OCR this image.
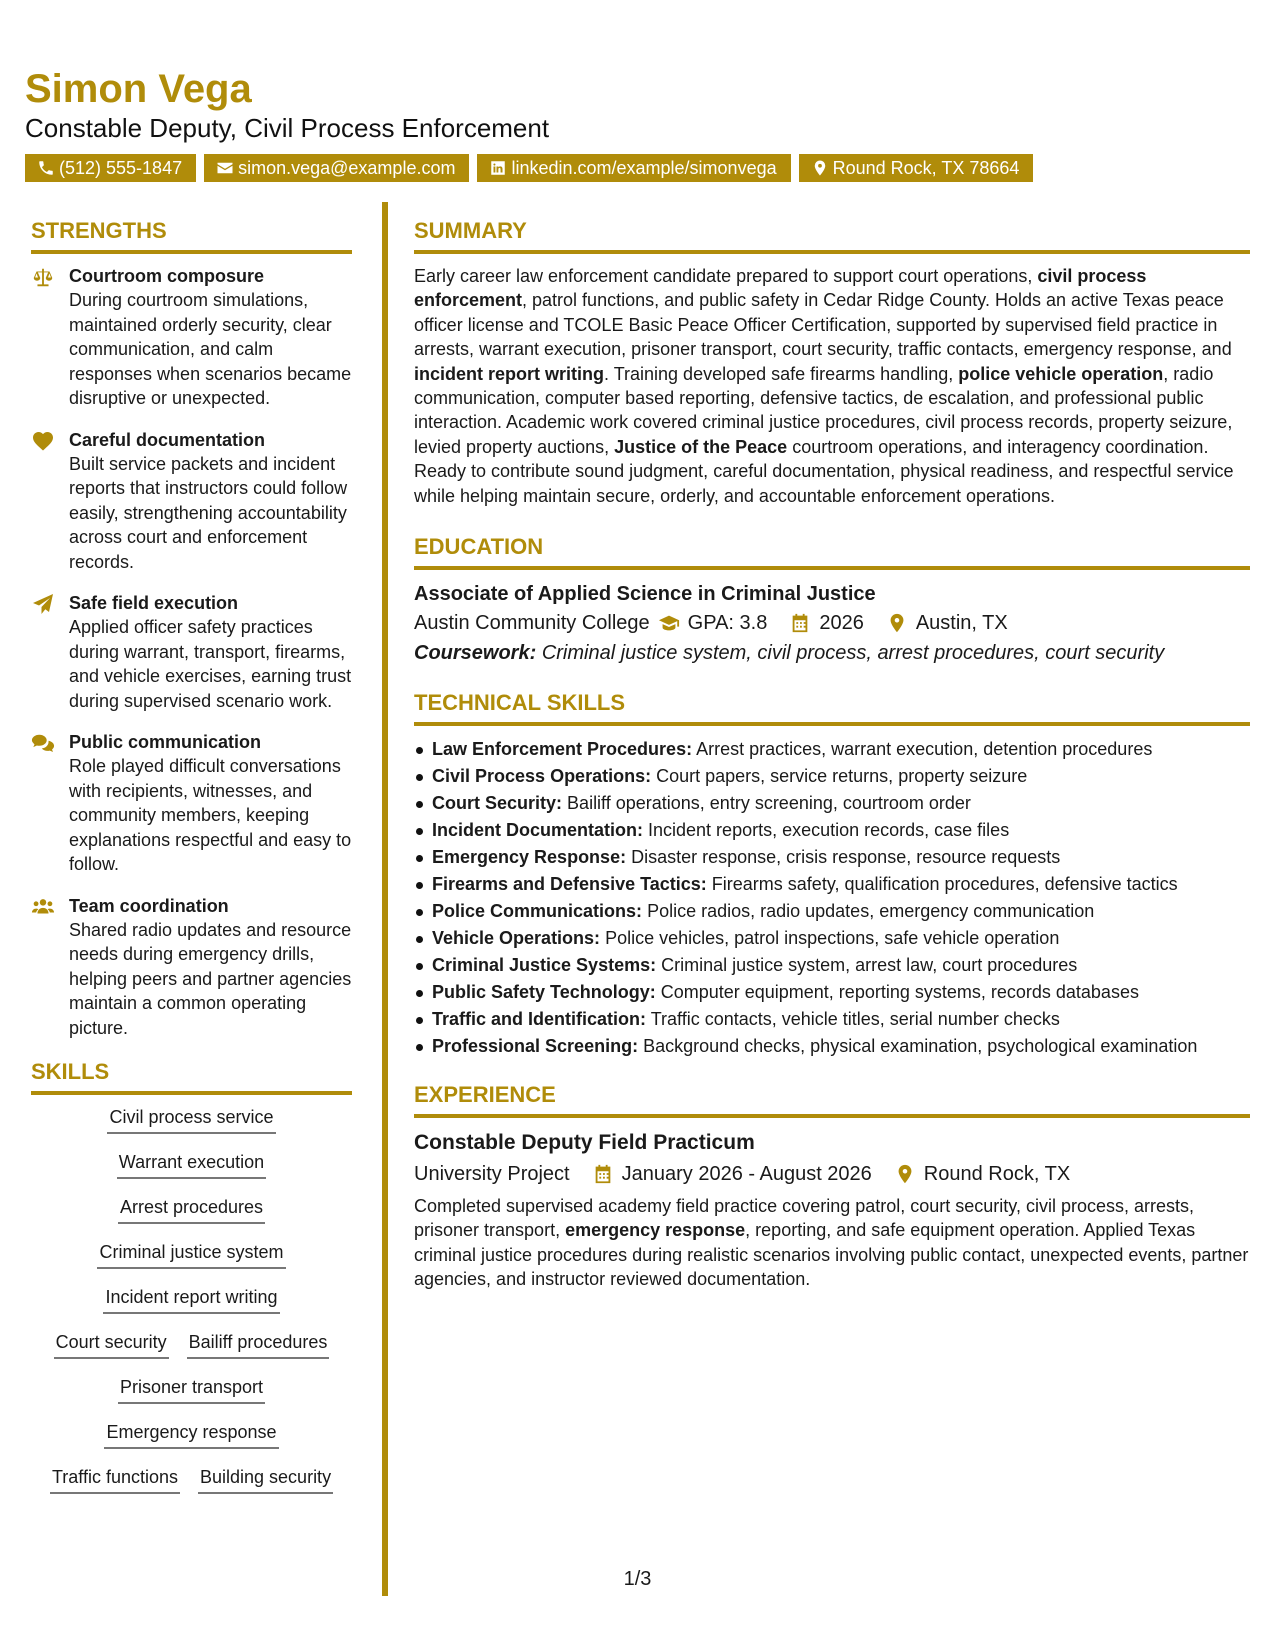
Simon Vega
Constable Deputy, Civil Process Enforcement
(512) 555-1847	simon.vega@example.com	linkedin.com/example/simonvega	Round Rock, TX 78664
STRENGTHS
Courtroom composure
During courtroom simulations, maintained orderly security, clear communication, and calm responses when scenarios became disruptive or unexpected.
Careful documentation
Built service packets and incident reports that instructors could follow easily, strengthening accountability across court and enforcement records.
Safe field execution
Applied officer safety practices during warrant, transport, firearms, and vehicle exercises, earning trust during supervised scenario work.
Public communication
Role played difficult conversations with recipients, witnesses, and community members, keeping explanations respectful and easy to follow.
Team coordination
Shared radio updates and resource needs during emergency drills, helping peers and partner agencies maintain a common operating picture.
SKILLS
Civil process service
Warrant execution
Arrest procedures
Criminal justice system
Incident report writing
Court security Bailiff procedures
Prisoner transport
Emergency response
Traffic functions Building security
SUMMARY
Early career law enforcement candidate prepared to support court operations, civil process enforcement, patrol functions, and public safety in Cedar Ridge County. Holds an active Texas peace officer license and TCOLE Basic Peace Officer Certification, supported by supervised field practice in arrests, warrant execution, prisoner transport, court security, traffic contacts, emergency response, and incident report writing. Training developed safe firearms handling, police vehicle operation, radio communication, computer based reporting, defensive tactics, de escalation, and professional public interaction. Academic work covered criminal justice procedures, civil process records, property seizure, levied property auctions, Justice of the Peace courtroom operations, and interagency coordination. Ready to contribute sound judgment, careful documentation, physical readiness, and respectful service while helping maintain secure, orderly, and accountable enforcement operations.
EDUCATION
Associate of Applied Science in Criminal Justice
Austin Community College GPA: 3.8	2026	Austin, TX
Coursework: Criminal justice system, civil process, arrest procedures, court security
TECHNICAL SKILLS
Law Enforcement Procedures: Arrest practices, warrant execution, detention procedures
Civil Process Operations: Court papers, service returns, property seizure
Court Security: Bailiff operations, entry screening, courtroom order
Incident Documentation: Incident reports, execution records, case files
Emergency Response: Disaster response, crisis response, resource requests
Firearms and Defensive Tactics: Firearms safety, qualification procedures, defensive tactics
Police Communications: Police radios, radio updates, emergency communication
Vehicle Operations: Police vehicles, patrol inspections, safe vehicle operation
Criminal Justice Systems: Criminal justice system, arrest law, court procedures
Public Safety Technology: Computer equipment, reporting systems, records databases
Traffic and Identification: Traffic contacts, vehicle titles, serial number checks
Professional Screening: Background checks, physical examination, psychological examination
EXPERIENCE
Constable Deputy Field Practicum
University Project	January 2026 - August 2026	Round Rock, TX
Completed supervised academy field practice covering patrol, court security, civil process, arrests, prisoner transport, emergency response, reporting, and safe equipment operation. Applied Texas criminal justice procedures during realistic scenarios involving public contact, unexpected events, partner agencies, and instructor reviewed documentation.
1/3
